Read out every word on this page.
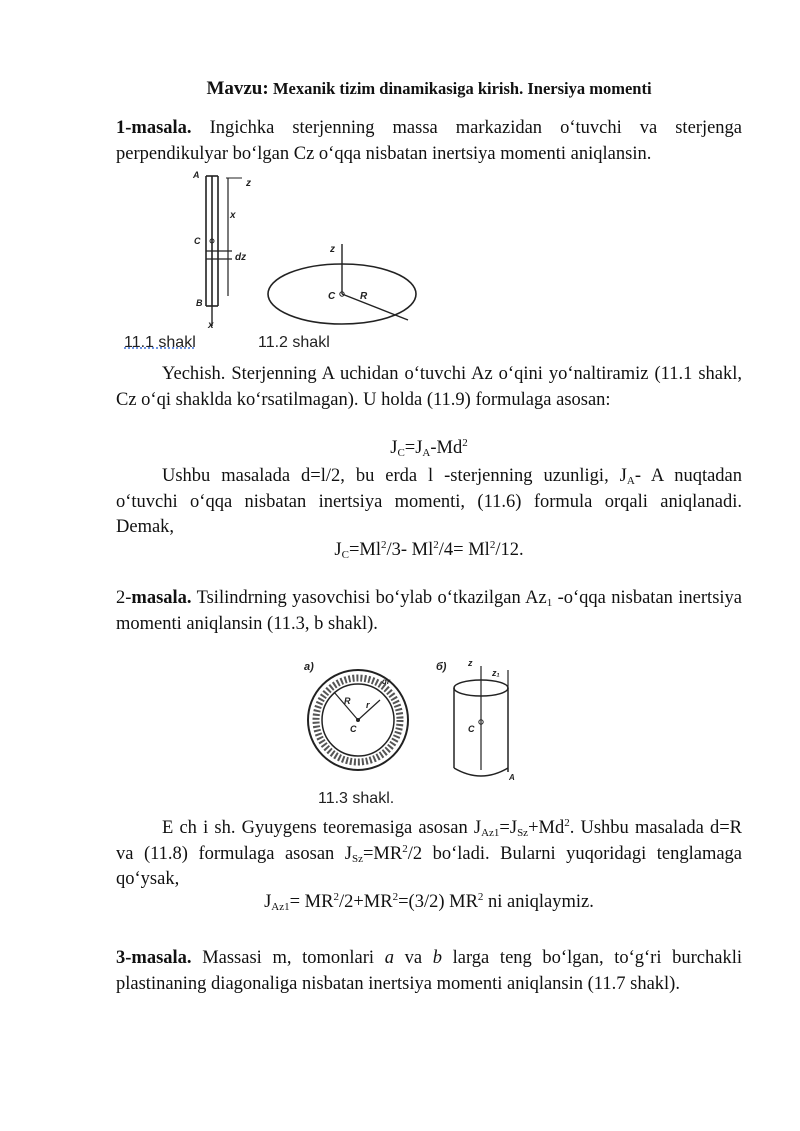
Mavzu: Mexanik tizim dinamikasiga kirish. Inersiya momenti

1-masala. Ingichka sterjenning massa markazidan o‘tuvchi va sterjenga perpendikulyar bo‘lgan Cz o‘qqa nisbatan inertsiya momenti aniqlansin.

A
z
x
C
dz
B
x
z
C R
11.1 shakl	11.2 shakl

Yechish. Sterjenning A uchidan o‘tuvchi Az o‘qini yo‘naltiramiz (11.1 shakl, Cz o‘qi shaklda ko‘rsatilmagan). U holda (11.9) formulaga asosan:

$J_C=J_A-Md^2$

Ushbu masalada d=l/2, bu erda l -sterjenning uzunligi, $J_A-$ A nuqtadan o‘tuvchi o‘qqa nisbatan inertsiya momenti, (11.6) formula orqali aniqlanadi. Demak,

$J_C=Ml^2/3-$ $Ml^2/4= Ml^2/12$.

2-masala. Tsilindrning yasovchisi bo‘ylab o‘tkazilgan $Az_1$ -o‘qqa nisbatan inertsiya momenti aniqlansin (11.3, b shakl).

a)
R r
C
dr
б) z
z₁
C
A
11.3 shakl.

E ch i sh. Gyuygens teoremasiga asosan $J_{Az1}=J_{Sz}+Md^2$. Ushbu masalada d=R va (11.8) formulaga asosan $J_{Sz}=MR^2/2$ bo‘ladi. Bularni yuqoridagi tenglamaga qo‘ysak,

$J_{Az1}= MR^2/2+MR^2=(3/2)$ $MR^2$ ni aniqlaymiz.

3-masala. Massasi m, tomonlari a va b larga teng bo‘lgan, to‘g‘ri burchakli plastinaning diagonaliga nisbatan inertsiya momenti aniqlansin (11.7 shakl).
